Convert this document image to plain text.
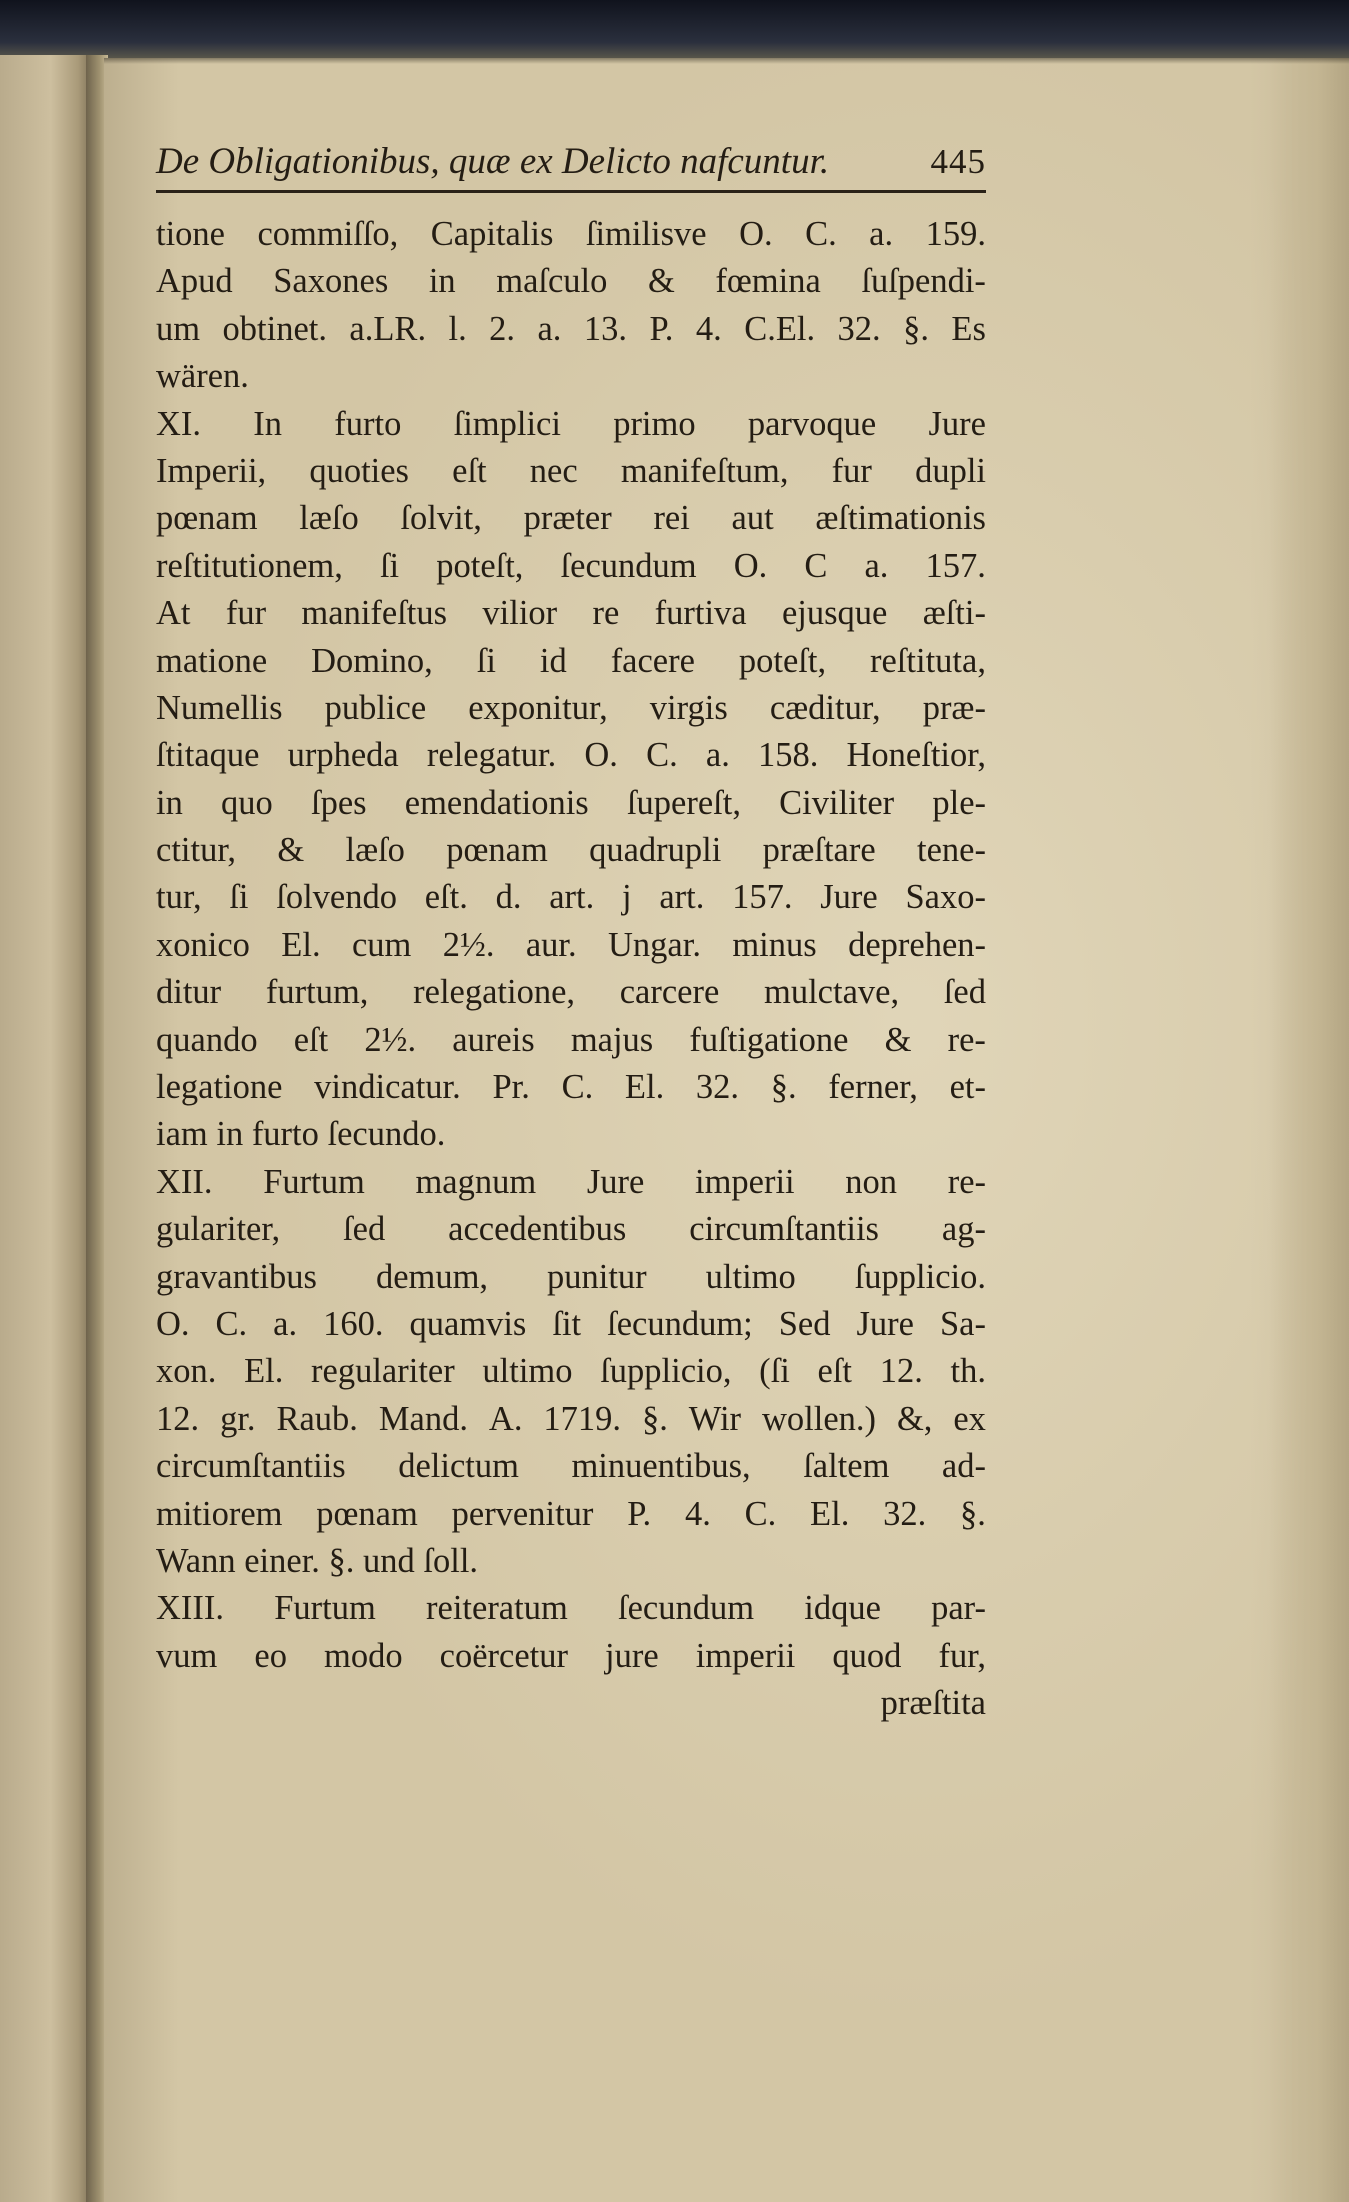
De Obligationibus, quæ ex Delicto nafcuntur.	445
tione commiſſo, Capitalis ſimilisve O. C. a. 159.
Apud Saxones in maſculo & fœmina ſuſpendi-
um obtinet. a.LR. l. 2. a. 13. P. 4. C.El. 32. §. Es
wären.
XI. In furto ſimplici primo parvoque Jure
Imperii, quoties eſt nec manifeſtum, fur dupli
pœnam læſo ſolvit, præter rei aut æſtimationis
reſtitutionem, ſi poteſt, ſecundum O. C a. 157.
At fur manifeſtus vilior re furtiva ejusque æſti-
matione Domino, ſi id facere poteſt, reſtituta,
Numellis publice exponitur, virgis cæditur, præ-
ſtitaque urpheda relegatur. O. C. a. 158. Honeſtior,
in quo ſpes emendationis ſupereſt, Civiliter ple-
ctitur, & læſo pœnam quadrupli præſtare tene-
tur, ſi ſolvendo eſt. d. art. j art. 157. Jure Saxo-
xonico El. cum 2½. aur. Ungar. minus deprehen-
ditur furtum, relegatione, carcere mulctave, ſed
quando eſt 2½. aureis majus fuſtigatione & re-
legatione vindicatur. Pr. C. El. 32. §. ferner, et-
iam in furto ſecundo.
XII. Furtum magnum Jure imperii non re-
gulariter, ſed accedentibus circumſtantiis ag-
gravantibus demum, punitur ultimo ſupplicio.
O. C. a. 160. quamvis ſit ſecundum; Sed Jure Sa-
xon. El. regulariter ultimo ſupplicio, (ſi eſt 12. th.
12. gr. Raub. Mand. A. 1719. §. Wir wollen.) &, ex
circumſtantiis delictum minuentibus, ſaltem ad-
mitiorem pœnam pervenitur P. 4. C. El. 32. §.
Wann einer. §. und ſoll.
XIII. Furtum reiteratum ſecundum idque par-
vum eo modo coërcetur jure imperii quod fur,
præſtita
